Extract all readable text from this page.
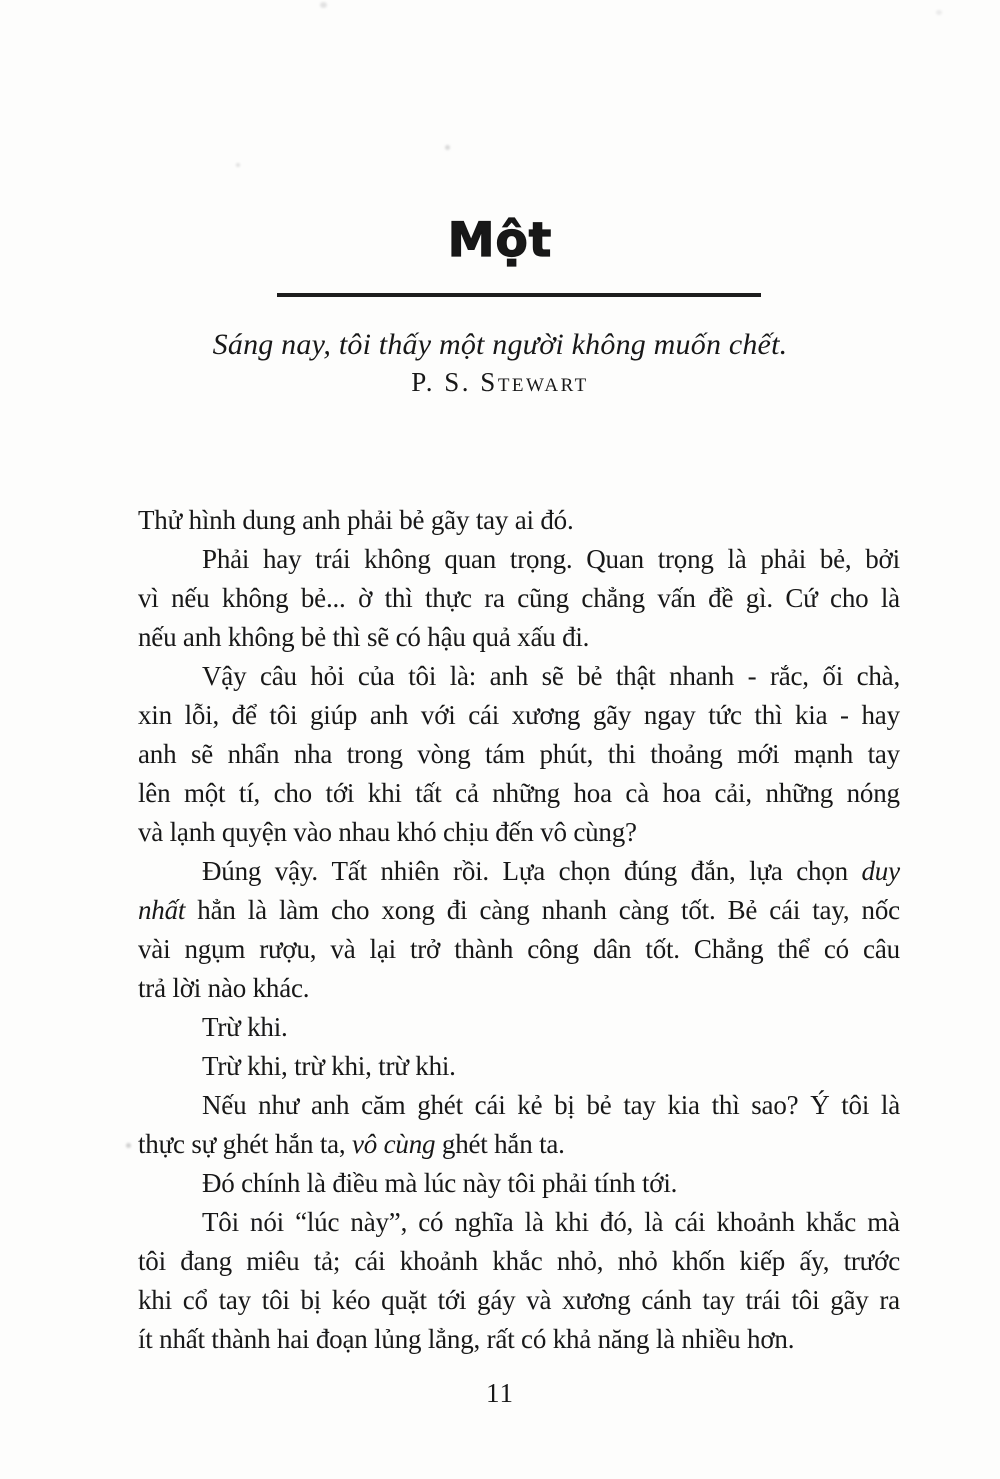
Một
Sáng nay, tôi thấy một người không muốn chết.
P. S. Stewart
Thử hình dung anh phải bẻ gãy tay ai đó.
Phải hay trái không quan trọng. Quan trọng là phải bẻ, bởi
vì nếu không bẻ... ờ thì thực ra cũng chẳng vấn đề gì. Cứ cho là
nếu anh không bẻ thì sẽ có hậu quả xấu đi.
Vậy câu hỏi của tôi là: anh sẽ bẻ thật nhanh - rắc, ối chà,
xin lỗi, để tôi giúp anh với cái xương gãy ngay tức thì kia - hay
anh sẽ nhẩn nha trong vòng tám phút, thi thoảng mới mạnh tay
lên một tí, cho tới khi tất cả những hoa cà hoa cải, những nóng
và lạnh quyện vào nhau khó chịu đến vô cùng?
Đúng vậy. Tất nhiên rồi. Lựa chọn đúng đắn, lựa chọn duy
nhất hẳn là làm cho xong đi càng nhanh càng tốt. Bẻ cái tay, nốc
vài ngụm rượu, và lại trở thành công dân tốt. Chẳng thể có câu
trả lời nào khác.
Trừ khi.
Trừ khi, trừ khi, trừ khi.
Nếu như anh căm ghét cái kẻ bị bẻ tay kia thì sao? Ý tôi là
thực sự ghét hắn ta, vô cùng ghét hắn ta.
Đó chính là điều mà lúc này tôi phải tính tới.
Tôi nói “lúc này”, có nghĩa là khi đó, là cái khoảnh khắc mà
tôi đang miêu tả; cái khoảnh khắc nhỏ, nhỏ khốn kiếp ấy, trước
khi cổ tay tôi bị kéo quặt tới gáy và xương cánh tay trái tôi gãy ra
ít nhất thành hai đoạn lủng lẳng, rất có khả năng là nhiều hơn.
11
